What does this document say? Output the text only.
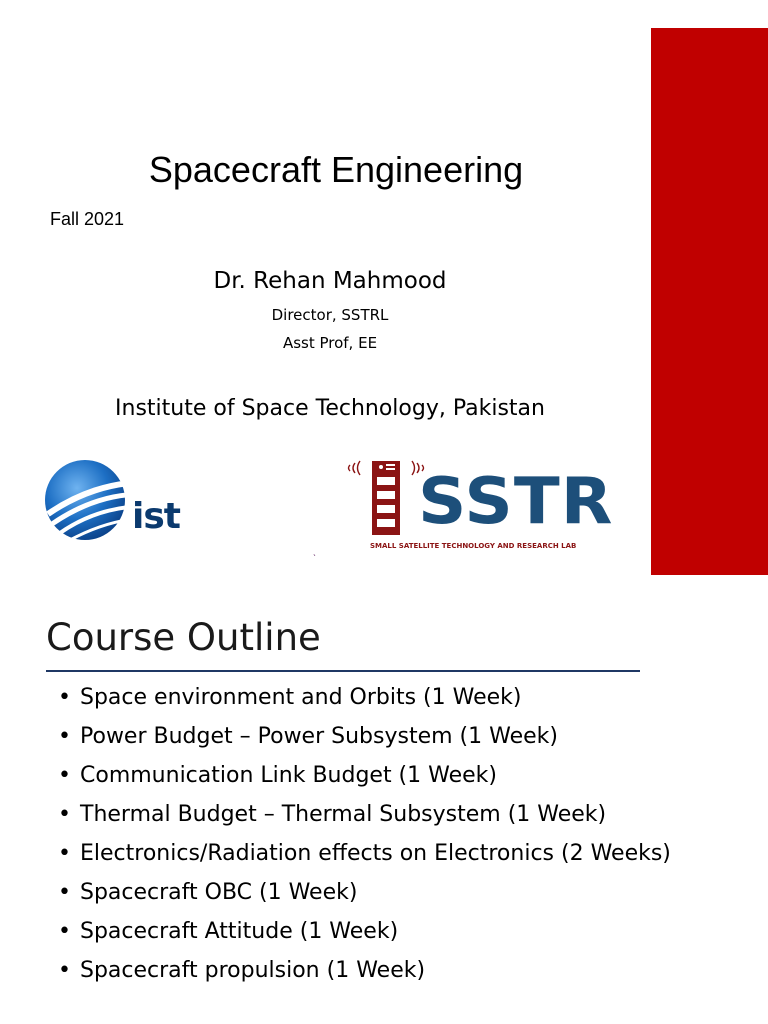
Spacecraft Engineering
Fall 2021
Dr. Rehan Mahmood
Director, SSTRL
Asst Prof, EE
Institute of Space Technology, Pakistan
ist	SSTR
SMALL SATELLITE TECHNOLOGY AND RESEARCH LAB
ˎ
Course Outline
• Space environment and Orbits (1 Week)
• Power Budget – Power Subsystem (1 Week)
• Communication Link Budget (1 Week)
• Thermal Budget – Thermal Subsystem (1 Week)
• Electronics/Radiation effects on Electronics (2 Weeks)
• Spacecraft OBC (1 Week)
• Spacecraft Attitude (1 Week)
• Spacecraft propulsion (1 Week)
